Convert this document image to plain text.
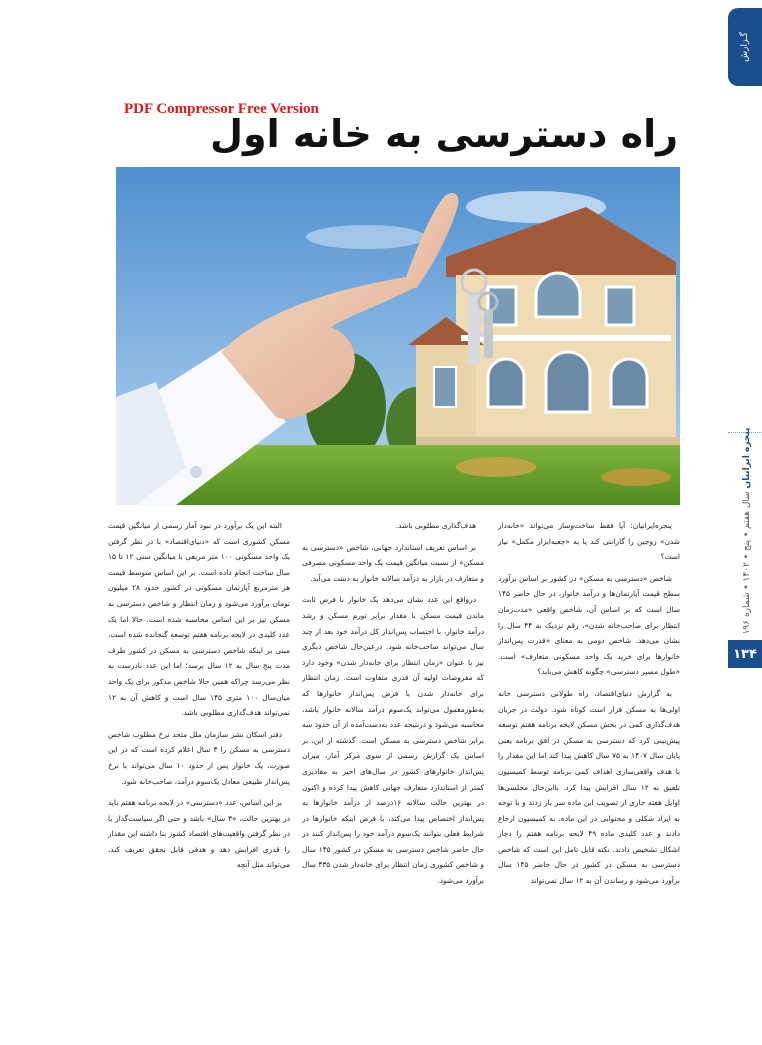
گـزارش
پنجره ایرانیان سال هفتم • پنج • ۱۴۰۲ • شماره ۱۹۶
۱۳۴
PDF Compressor Free Version
راه دسترسی به خانه اول

پنجره‌ایرانیان: آیا فقط ساخت‌وساز می‌تواند «خانه‌دار شدن» زوجین را گارانتی کند یا به «جعبه‌ابزار مکمل» نیاز است؟

شاخص «دسترسی به مسکن» در کشور بر اساس برآورد سطح قیمت آپارتمان‌ها و درآمد خانوار، در حال حاضر ۱۴۵ سال است که بر اساس آن، شاخص واقعی «مدت‌زمان انتظار برای صاحب‌خانه شدن»، رقم نزدیک به ۴۴ سال را نشان می‌دهد. شاخص دومی به معنای «قدرت پس‌انداز خانوارها برای خرید یک واحد مسکونی متعارف» است. «طول مسیر دسترسی» چگونه کاهش می‌یابد؟

به گزارش دنیای‌اقتصاد، راه طولانی دسترسی خانه اولی‌ها به مسکن قرار است کوتاه شود. دولت در جریان هدف‌گذاری کمی در بخش مسکن لایحه برنامه هفتم توسعه پیش‌بینی کرد که دسترسی به مسکن در افق برنامه یعنی پایان سال ۱۴۰۷ به ۷۵ سال کاهش پیدا کند اما این مقدار را با هدف واقعی‌سازی اهداف کمی برنامه توسط کمیسیون تلفیق به ۱۲ سال افزایش پیدا کرد. با‌این‌حال مجلسی‌ها اوایل هفته جاری از تصویب این ماده سر باز زدند و با توجه به ایراد شکلی و محتوایی در این ماده، به کمیسیون ارجاع دادند و عدد کلیدی ماده ۴۹ لایحه برنامه هفتم را دچار اشکال تشخیص دادند. نکته قابل تامل این است که شاخص دسترسی به مسکن در کشور در حال حاضر ۱۴۵ سال برآورد می‌شود و رساندن آن به ۱۲ سال نمی‌تواند

هدف‌گذاری مطلوبی باشد.

بر اساس تعریف استاندارد جهانی، شاخص «دسترسی به مسکن» از نسبت میانگین قیمت یک واحد مسکونی مصرفی و متعارف در بازار به درآمد سالانه خانوار به دست می‌آید.

درواقع این عدد نشان می‌دهد یک خانوار با فرض ثابت ماندن قیمت مسکن با مقدار برابر تورم مسکن و رشد درآمد خانوار، با احتساب پس‌انداز کل درآمد خود بعد از چند سال می‌تواند صاحب‌خانه شود. درعین‌حال شاخص دیگری نیز با عنوان «زمان انتظار برای خانه‌دار شدن» وجود دارد که مفروضات اولیه آن قدری متفاوت است. زمان انتظار برای خانه‌دار شدن با فرض پس‌انداز خانوارها که به‌طورمعمول می‌تواند یک‌سوم درآمد سالانه خانوار باشد، محاسبه می‌شود و درنتیجه عدد به‌دست‌آمده از آن حدود سه برابر شاخص دسترسی به مسکن است. گذشته از این، بر اساس یک گزارش رسمی از سوی مرکز آمار، میزان پس‌انداز خانوارهای کشور در سال‌های اخیر به مقادیری کمتر از استاندارد متعارف جهانی کاهش پیدا کرده و اکنون در بهترین حالت سالانه ۱۶درصد از درآمد خانوارها به پس‌انداز اختصاص پیدا می‌کند، با فرض اینکه خانوارها در شرایط فعلی بتوانند یک‌سوم درآمد خود را پس‌انداز کنند در حال حاضر شاخص دسترسی به مسکن در کشور ۱۴۵ سال و شاخص کشوری زمان انتظار برای خانه‌دار شدن ۴۳۵ سال برآورد می‌شود.

البته این یک برآورد در نبود آمار رسمی از میانگین قیمت مسکن کشوری است که «دنیای‌اقتصاد» با در نظر گرفتن یک واحد مسکونی ۱۰۰ متر مربعی با میانگین سنی ۱۲ تا ۱۵ سال ساخت انجام داده است. بر این اساس متوسط قیمت هر مترمربع آپارتمان مسکونی در کشور حدود ۲۸ میلیون تومان برآورد می‌شود و زمان انتظار و شاخص دسترسی به مسکن نیز بر این اساس محاسبه شده است. حالا اما یک عدد کلیدی در لایحه برنامه هفتم توسعه گنجانده شده است، مبنی بر اینکه شاخص دسترسی به مسکن در کشور ظرف مدت پنج سال به ۱۲ سال برسد؛ اما این عدد نادرست به نظر می‌رسد چراکه همین حالا شاخص مذکور برای یک واحد میان‌سال ۱۰۰ متری ۱۴۵ سال است و کاهش آن به ۱۲ نمی‌تواند هدف‌گذاری مطلوبی باشد.

دفتر اسکان بشر سازمان ملل متحد نرخ مطلوب شاخص دسترسی به مسکن را ۳ سال اعلام کرده است که در این صورت، یک خانوار پس از حدود ۱۰ سال می‌تواند با نرخ پس‌انداز طبیعی معادل یک‌سوم درآمد، صاحب‌خانه شود.

بر این اساس، عدد «دسترسی» در لایحه برنامه هفتم باید در بهترین حالت، «۳ سال» باشد و حتی اگر سیاست‌گذار با در نظر گرفتن واقعیت‌های اقتصاد کشور بنا داشته این مقدار را قدری افزایش دهد و هدفی قابل تحقق تعریف کند، می‌تواند مثل آنچه
